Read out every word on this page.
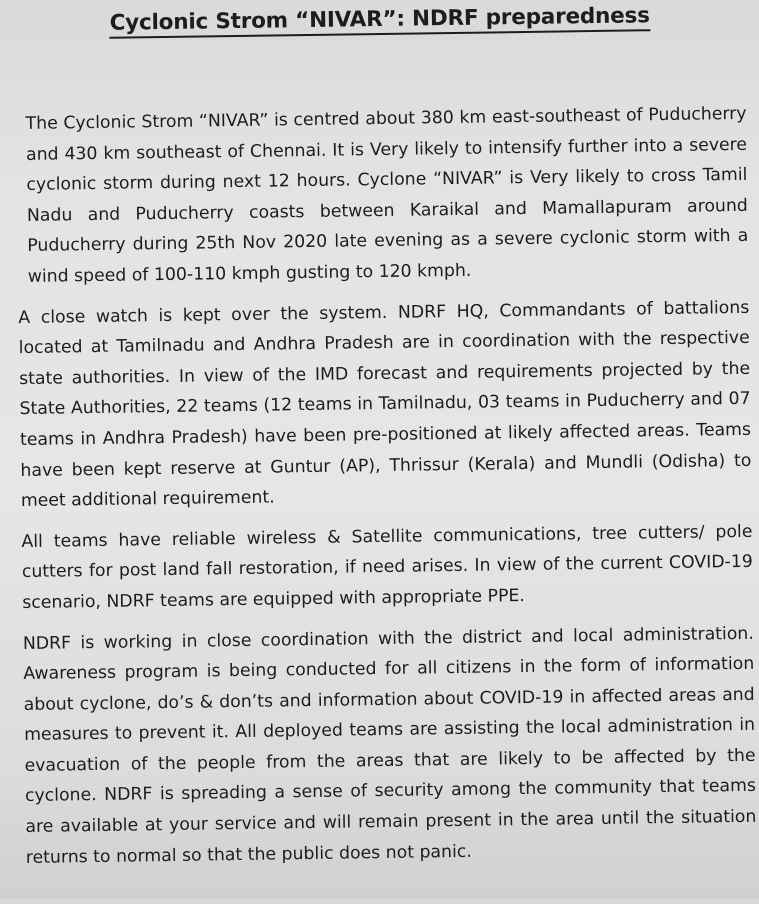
Cyclonic Strom “NIVAR”: NDRF preparedness

The Cyclonic Strom “NIVAR” is centred about 380 km east-southeast of Puducherry and 430 km southeast of Chennai. It is Very likely to intensify further into a severe cyclonic storm during next 12 hours. Cyclone “NIVAR” is Very likely to cross Tamil Nadu and Puducherry coasts between Karaikal and Mamallapuram around Puducherry during 25th Nov 2020 late evening as a severe cyclonic storm with a wind speed of 100-110 kmph gusting to 120 kmph.

A close watch is kept over the system. NDRF HQ, Commandants of battalions located at Tamilnadu and Andhra Pradesh are in coordination with the respective state authorities. In view of the IMD forecast and requirements projected by the State Authorities, 22 teams (12 teams in Tamilnadu, 03 teams in Puducherry and 07 teams in Andhra Pradesh) have been pre-positioned at likely affected areas. Teams have been kept reserve at Guntur (AP), Thrissur (Kerala) and Mundli (Odisha) to meet additional requirement.

All teams have reliable wireless & Satellite communications, tree cutters/ pole cutters for post land fall restoration, if need arises. In view of the current COVID-19 scenario, NDRF teams are equipped with appropriate PPE.

NDRF is working in close coordination with the district and local administration. Awareness program is being conducted for all citizens in the form of information about cyclone, do’s & don’ts and information about COVID-19 in affected areas and measures to prevent it. All deployed teams are assisting the local administration in evacuation of the people from the areas that are likely to be affected by the cyclone. NDRF is spreading a sense of security among the community that teams are available at your service and will remain present in the area until the situation returns to normal so that the public does not panic.
